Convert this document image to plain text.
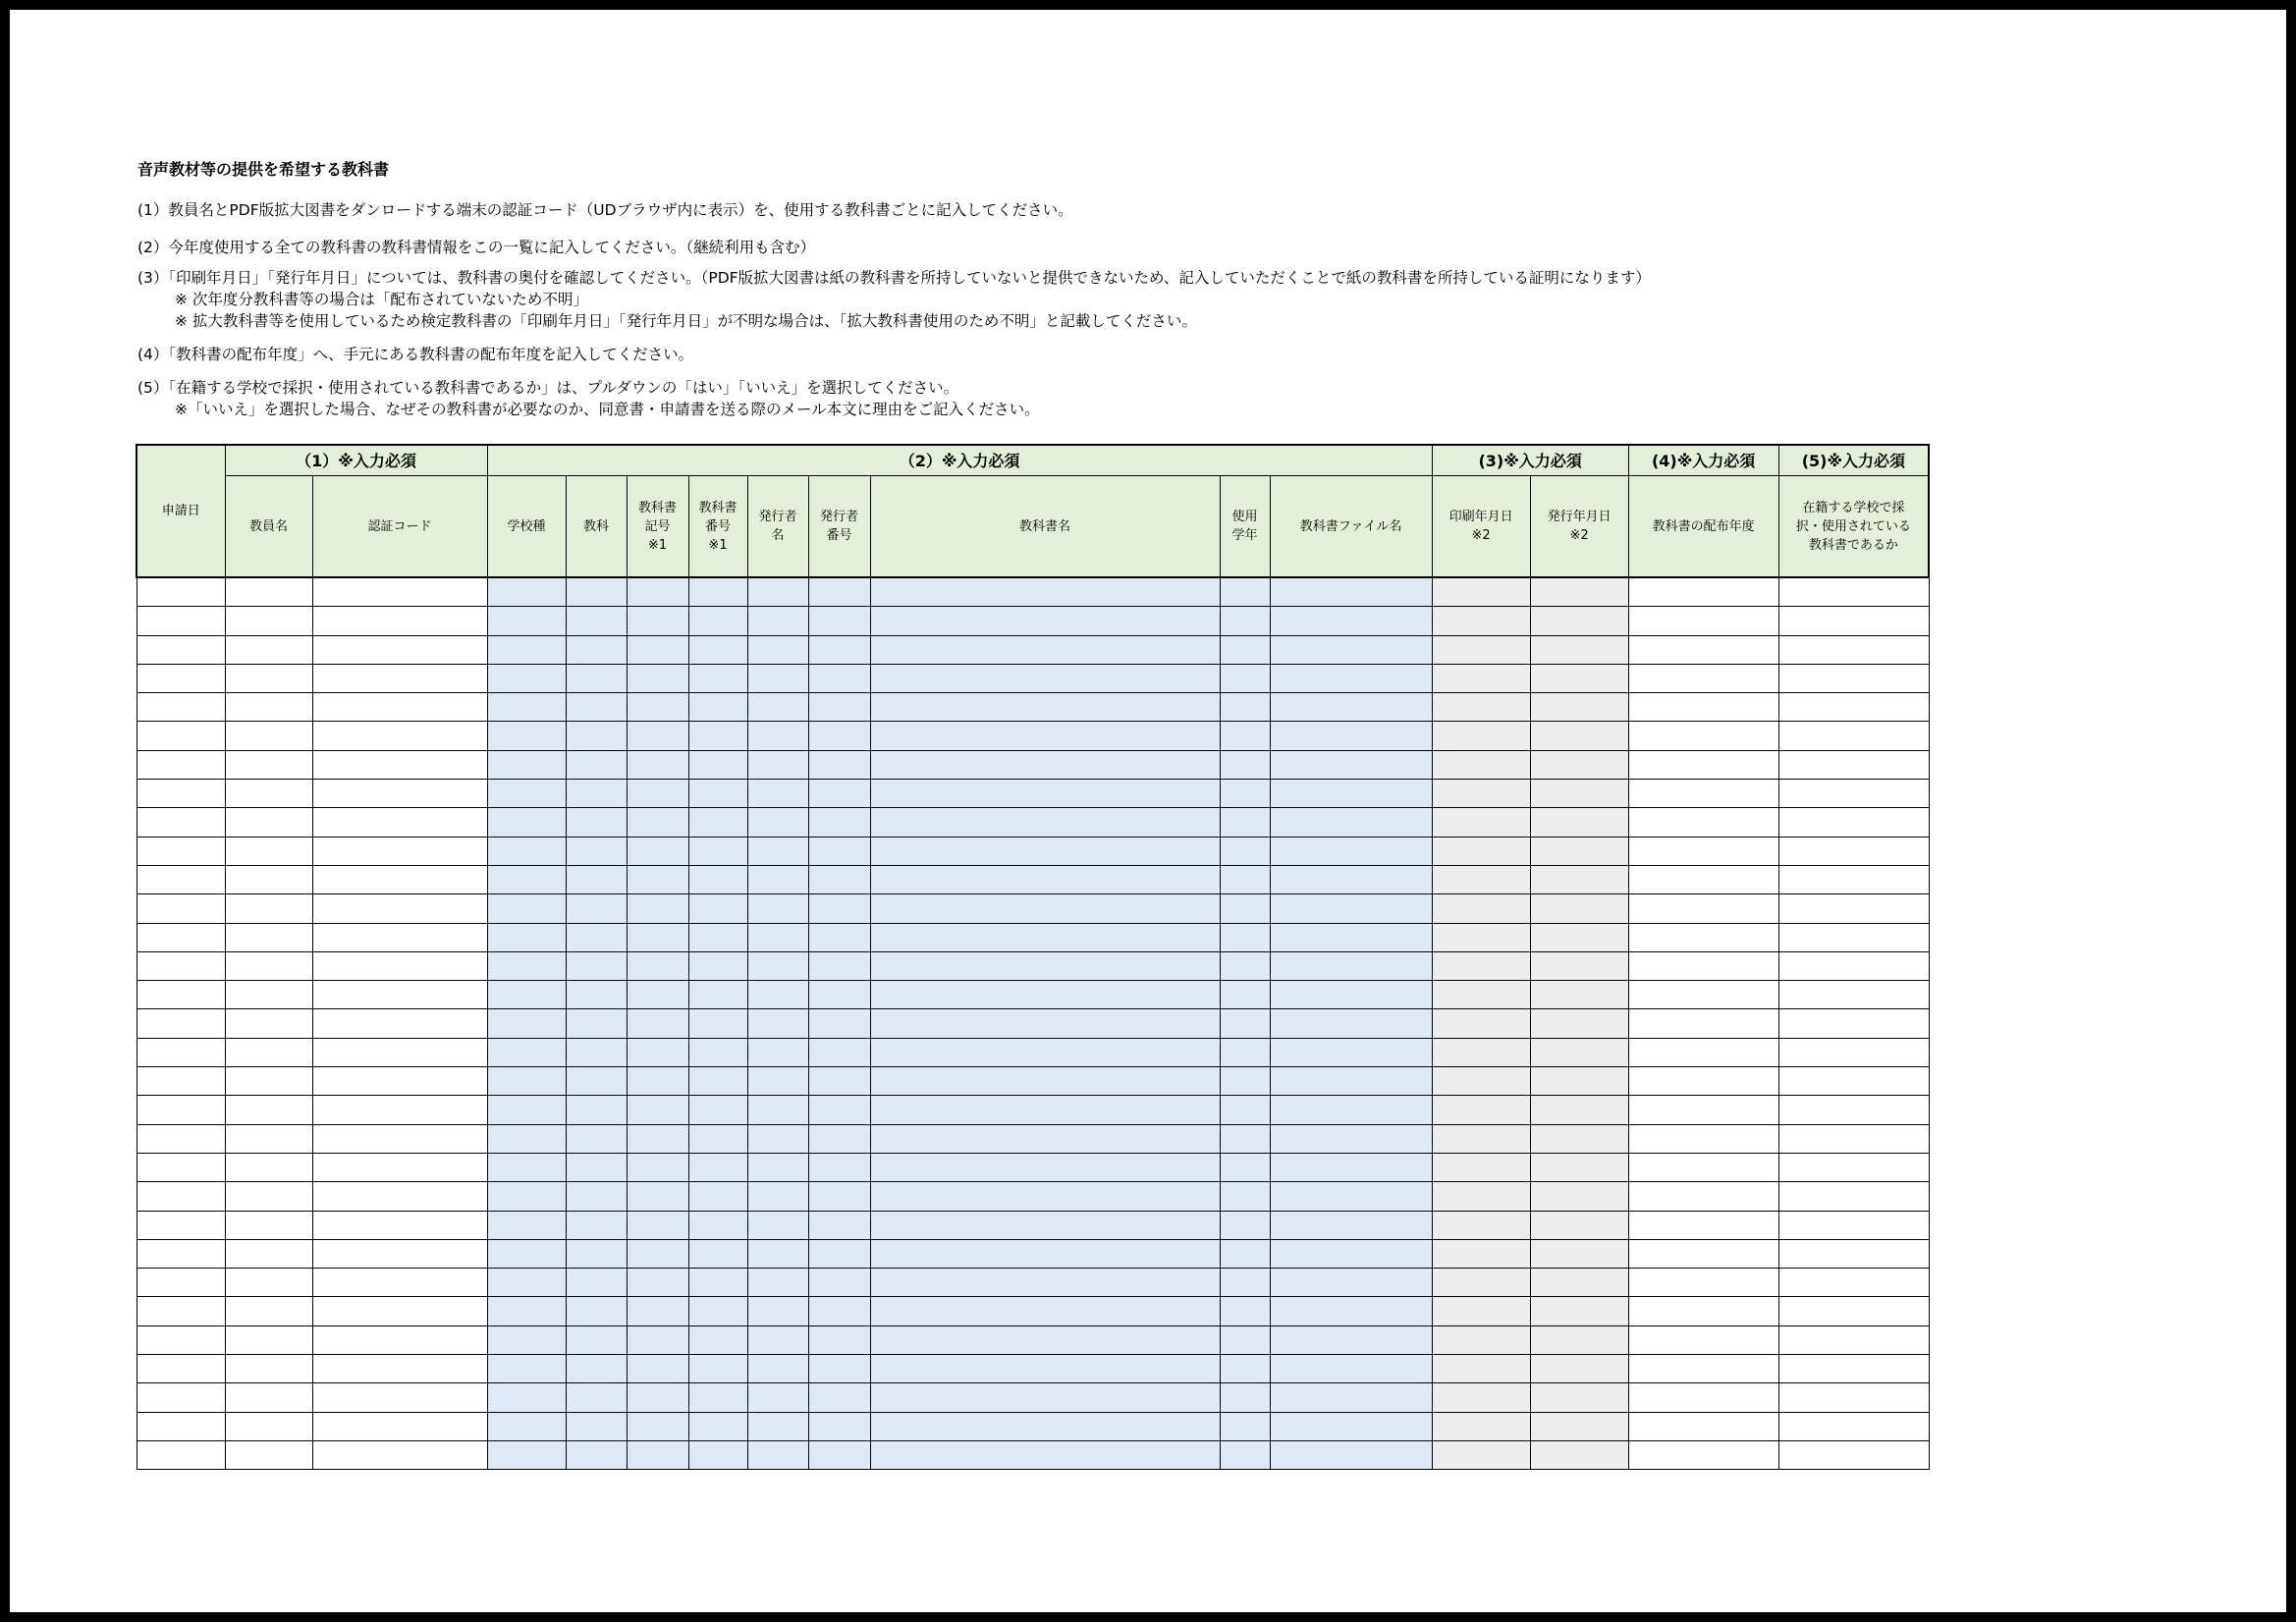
音声教材等の提供を希望する教科書
(1）教員名とPDF版拡大図書をダンロードする端末の認証コード（UDブラウザ内に表示）を、使用する教科書ごとに記入してください。
(2）今年度使用する全ての教科書の教科書情報をこの一覧に記入してください。（継続利用も含む）
(3）「印刷年月日」「発行年月日」については、教科書の奥付を確認してください。（PDF版拡大図書は紙の教科書を所持していないと提供できないため、記入していただくことで紙の教科書を所持している証明になります）
※ 次年度分教科書等の場合は「配布されていないため不明」
※ 拡大教科書等を使用しているため検定教科書の「印刷年月日」「発行年月日」が不明な場合は、「拡大教科書使用のため不明」と記載してください。
(4）「教科書の配布年度」へ、手元にある教科書の配布年度を記入してください。
(5）「在籍する学校で採択・使用されている教科書であるか」は、プルダウンの「はい」「いいえ」を選択してください。
※「いいえ」を選択した場合、なぜその教科書が必要なのか、同意書・申請書を送る際のメール本文に理由をご記入ください。
申請日	（1）※入力必須		（2）※入力必須									(3)※入力必須		(4)※入力必須	(5)※入力必須
	教員名	認証コード	学校種	教科	教科書
記号
※1	教科書
番号
※1	発行者
名	発行者
番号	教科書名	使用
学年	教科書ファイル名	印刷年月日
※2	発行年月日
※2	教科書の配布年度	在籍する学校で採
択・使用されている
教科書であるか
